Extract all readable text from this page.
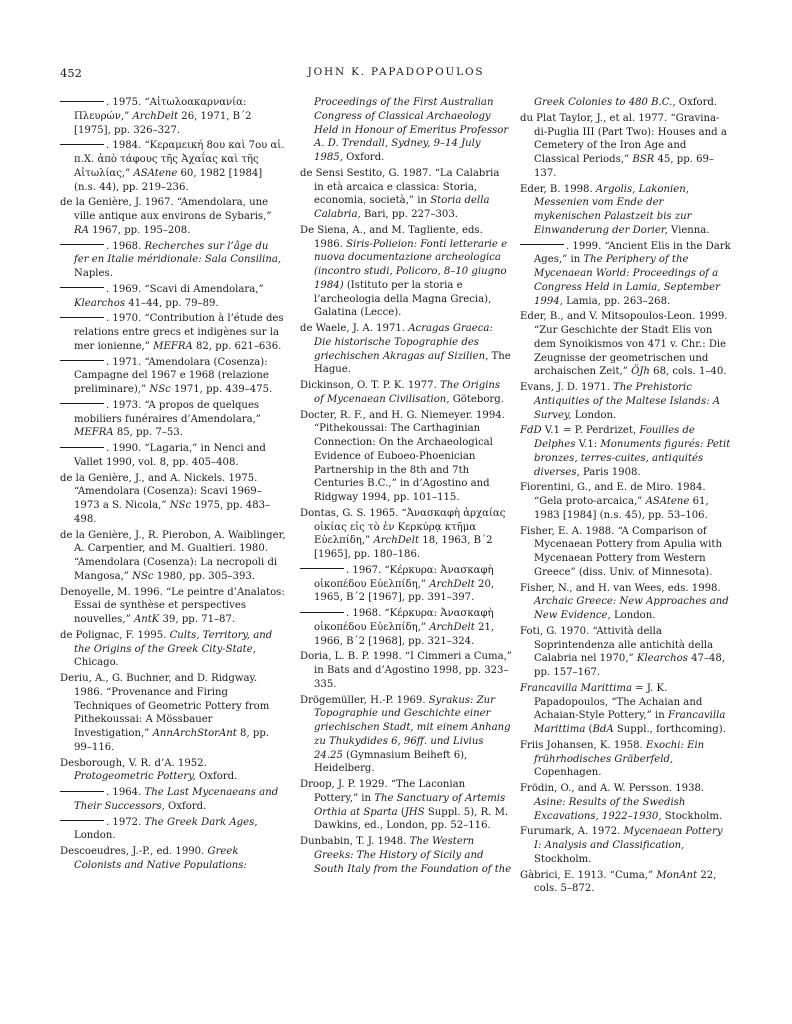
452	JOHN K. PAPADOPOULOS

. 1975. “Αἰτωλοακαρνανία: Πλευρών,” ArchDelt 26, 1971, B´2 [1975], pp. 326–327.

. 1984. “Κεραμεική 8ου καὶ 7ου αἱ. π.Χ. ἀπὸ τάφους τῆς Ἀχαΐας καὶ τῆς Αἰτωλίας,” ASAtene 60, 1982 [1984] (n.s. 44), pp. 219–236.

de la Genière, J. 1967. “Amendolara, une ville antique aux environs de Sybaris,” RA 1967, pp. 195–208.

. 1968. Recherches sur l’âge du fer en Italie méridionale: Sala Consilina, Naples.

. 1969. “Scavi di Amendolara,” Klearchos 41–44, pp. 79–89.

. 1970. “Contribution à l’étude des relations entre grecs et indigènes sur la mer ionienne,” MEFRA 82, pp. 621–636.

. 1971. “Amendolara (Cosenza): Campagne del 1967 e 1968 (relazione preliminare),” NSc 1971, pp. 439–475.

. 1973. “A propos de quelques mobiliers funéraires d’Amendolara,” MEFRA 85, pp. 7–53.

. 1990. “Lagaria,” in Nenci and Vallet 1990, vol. 8, pp. 405–408.

de la Genière, J., and A. Nickels. 1975. “Amendolara (Cosenza): Scavi 1969–1973 a S. Nicola,” NSc 1975, pp. 483–498.

de la Genière, J., R. Pierobon, A. Waiblinger, A. Carpentier, and M. Gualtieri. 1980. “Amendolara (Cosenza): La necropoli di Mangosa,” NSc 1980, pp. 305–393.

Denoyelle, M. 1996. “Le peintre d’Analatos: Essai de synthèse et perspectives nouvelles,” AntK 39, pp. 71–87.

de Polignac, F. 1995. Cults, Territory, and the Origins of the Greek City-State, Chicago.

Deriu, A., G. Buchner, and D. Ridgway. 1986. “Provenance and Firing Techniques of Geometric Pottery from Pithekoussai: A Mössbauer Investigation,” AnnArchStorAnt 8, pp. 99–116.

Desborough, V. R. d’A. 1952. Protogeometric Pottery, Oxford.

. 1964. The Last Mycenaeans and Their Successors, Oxford.

. 1972. The Greek Dark Ages, London.

Descoeudres, J.-P., ed. 1990. Greek Colonists and Native Populations:

Proceedings of the First Australian Congress of Classical Archaeology Held in Honour of Emeritus Professor A. D. Trendall, Sydney, 9–14 July 1985, Oxford.

de Sensi Sestito, G. 1987. “La Calabria in età arcaica e classica: Storia, economia, società,” in Storia della Calabria, Bari, pp. 227–303.

De Siena, A., and M. Tagliente, eds. 1986. Siris-Polieion: Fonti letterarie e nuova documentazione archeologica (incontro studi, Policoro, 8–10 giugno 1984) (Istituto per la storia e l’archeologia della Magna Grecia), Galatina (Lecce).

de Waele, J. A. 1971. Acragas Graeca: Die historische Topographie des griechischen Akragas auf Sizilien, The Hague.

Dickinson, O. T. P. K. 1977. The Origins of Mycenaean Civilisation, Göteborg.

Docter, R. F., and H. G. Niemeyer. 1994. “Pithekoussai: The Carthaginian Connection: On the Archaeological Evidence of Euboeo-Phoenician Partnership in the 8th and 7th Centuries B.C.,” in d’Agostino and Ridgway 1994, pp. 101–115.

Dontas, G. S. 1965. “Ἀνασκαφὴ ἀρχαίας οἰκίας εἰς τὸ ἐν Κερκύρᾳ κτῆμα Εὐελπίδη,” ArchDelt 18, 1963, B´2 [1965], pp. 180–186.

. 1967. “Κέρκυρα: Ἀνασκαφὴ οἰκοπέδου Εὐελπίδη,” ArchDelt 20, 1965, B´2 [1967], pp. 391–397.

. 1968. “Κέρκυρα: Ἀνασκαφὴ οἰκοπέδου Εὐελπίδη,” ArchDelt 21, 1966, B´2 [1968], pp. 321–324.

Doria, L. B. P. 1998. “I Cimmeri a Cuma,” in Bats and d’Agostino 1998, pp. 323–335.

Drögemüller, H.-P. 1969. Syrakus: Zur Topographie und Geschichte einer griechischen Stadt, mit einem Anhang zu Thukydides 6, 96ff. und Livius 24.25 (Gymnasium Beiheft 6), Heidelberg.

Droop, J. P. 1929. “The Laconian Pottery,” in The Sanctuary of Artemis Orthia at Sparta (JHS Suppl. 5), R. M. Dawkins, ed., London, pp. 52–116.

Dunbabin, T. J. 1948. The Western Greeks: The History of Sicily and South Italy from the Foundation of the

Greek Colonies to 480 B.C., Oxford.

du Plat Taylor, J., et al. 1977. “Gravina-di-Puglia III (Part Two): Houses and a Cemetery of the Iron Age and Classical Periods,” BSR 45, pp. 69–137.

Eder, B. 1998. Argolis, Lakonien, Messenien vom Ende der mykenischen Palastzeit bis zur Einwanderung der Dorier, Vienna.

. 1999. “Ancient Elis in the Dark Ages,” in The Periphery of the Mycenaean World: Proceedings of a Congress Held in Lamia, September 1994, Lamia, pp. 263–268.

Eder, B., and V. Mitsopoulos-Leon. 1999. “Zur Geschichte der Stadt Elis von dem Synoikismos von 471 v. Chr.: Die Zeugnisse der geometrischen und archaischen Zeit,” ÖJh 68, cols. 1–40.

Evans, J. D. 1971. The Prehistoric Antiquities of the Maltese Islands: A Survey, London.

FdD V.1 = P. Perdrizet, Fouilles de Delphes V.1: Monuments figurés: Petit bronzes, terres-cuites, antiquités diverses, Paris 1908.

Fiorentini, G., and E. de Miro. 1984. “Gela proto-arcaica,” ASAtene 61, 1983 [1984] (n.s. 45), pp. 53–106.

Fisher, E. A. 1988. “A Comparison of Mycenaean Pottery from Apulia with Mycenaean Pottery from Western Greece” (diss. Univ. of Minnesota).

Fisher, N., and H. van Wees, eds. 1998. Archaic Greece: New Approaches and New Evidence, London.

Foti, G. 1970. “Attività della Soprintendenza alle antichità della Calabria nel 1970,” Klearchos 47–48, pp. 157–167.

Francavilla Marittima = J. K. Papadopoulos, “The Achaian and Achaian-Style Pottery,” in Francavilla Marittima (BdA Suppl., forthcoming).

Friis Johansen, K. 1958. Exochi: Ein frührhodisches Gräberfeld, Copenhagen.

Frödin, O., and A. W. Persson. 1938. Asine: Results of the Swedish Excavations, 1922–1930, Stockholm.

Furumark, A. 1972. Mycenaean Pottery I: Analysis and Classification, Stockholm.

Gàbrici, E. 1913. “Cuma,” MonAnt 22, cols. 5–872.
